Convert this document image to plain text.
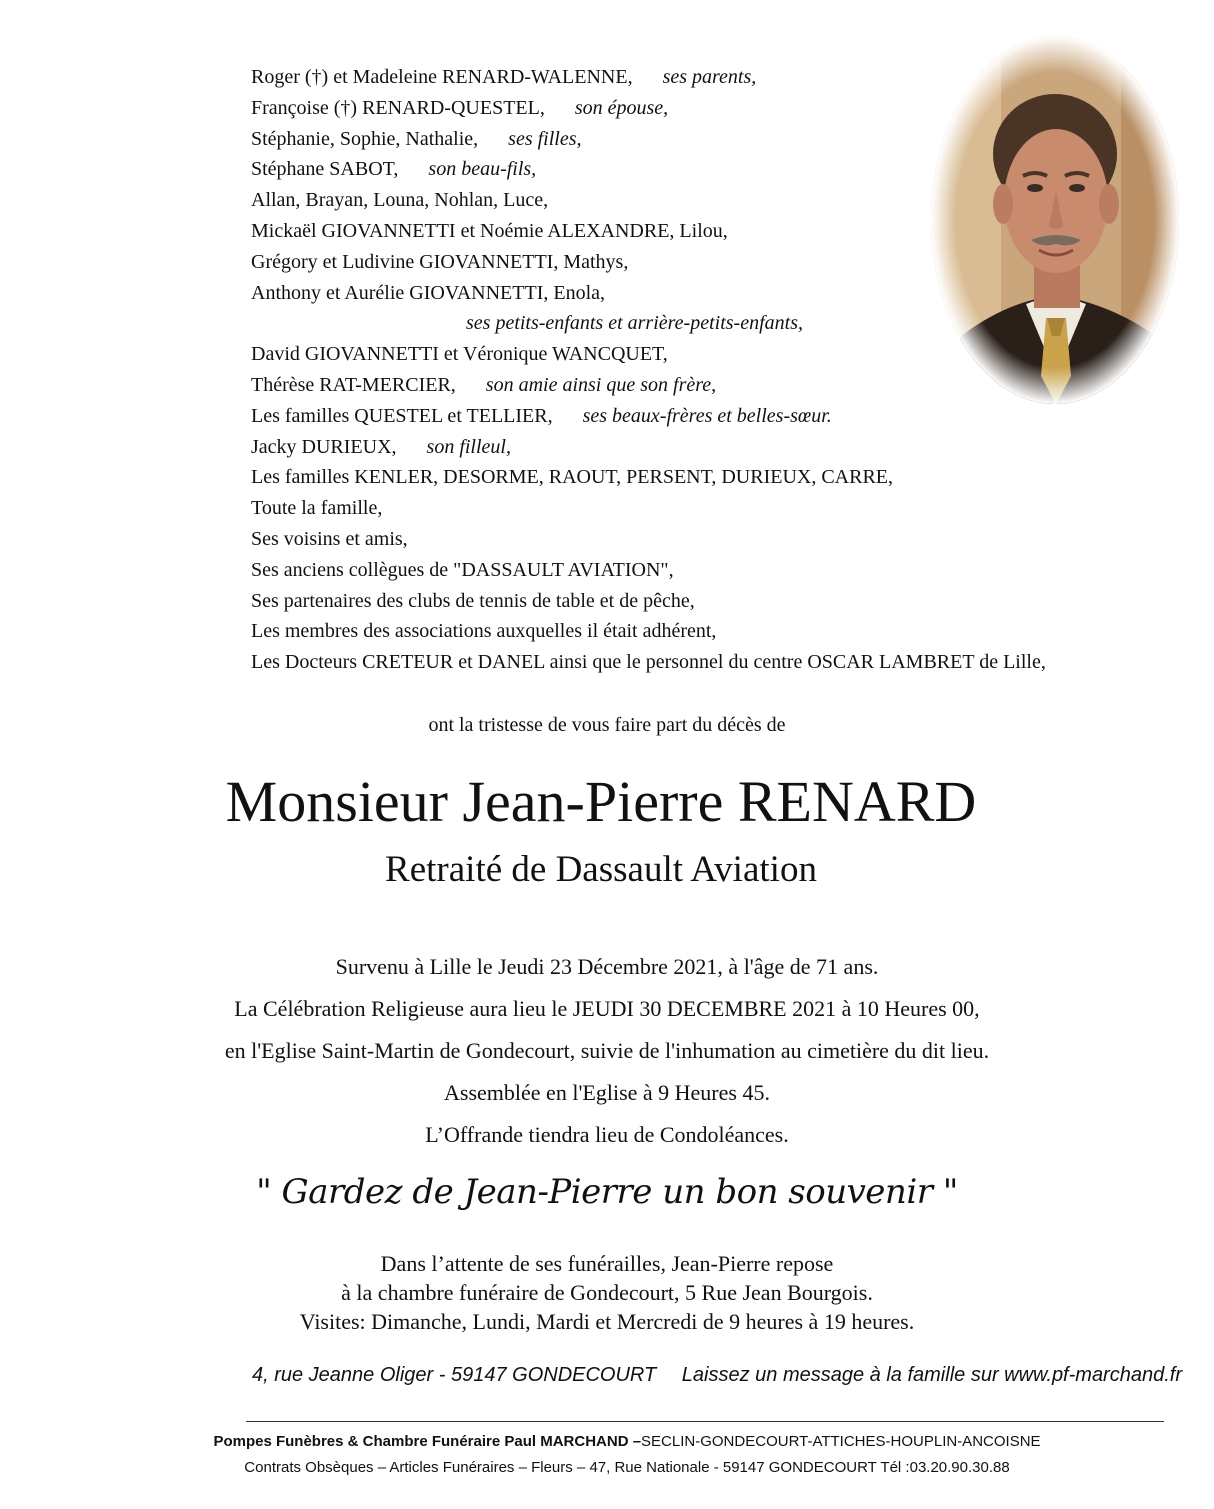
Roger (†) et Madeleine RENARD-WALENNE, ses parents,
Françoise (†) RENARD-QUESTEL, son épouse,
Stéphanie, Sophie, Nathalie, ses filles,
Stéphane SABOT, son beau-fils,
Allan, Brayan, Louna, Nohlan, Luce,
Mickaël GIOVANNETTI et Noémie ALEXANDRE, Lilou,
Grégory et Ludivine GIOVANNETTI, Mathys,
Anthony et Aurélie GIOVANNETTI, Enola,
ses petits-enfants et arrière-petits-enfants,
David GIOVANNETTI et Véronique WANCQUET,
Thérèse RAT-MERCIER, son amie ainsi que son frère,
Les familles QUESTEL et TELLIER, ses beaux-frères et belles-sœur.
Jacky DURIEUX, son filleul,
Les familles KENLER, DESORME, RAOUT, PERSENT, DURIEUX, CARRE,
Toute la famille,
Ses voisins et amis,
Ses anciens collègues de "DASSAULT AVIATION",
Ses partenaires des clubs de tennis de table et de pêche,
Les membres des associations auxquelles il était adhérent,
Les Docteurs CRETEUR et DANEL ainsi que le personnel du centre OSCAR LAMBRET de Lille,
ont la tristesse de vous faire part du décès de
Monsieur Jean-Pierre RENARD
Retraité de Dassault Aviation
Survenu à Lille le Jeudi 23 Décembre 2021, à l'âge de 71 ans.
La Célébration Religieuse aura lieu le JEUDI 30 DECEMBRE 2021 à 10 Heures 00,
en l'Eglise Saint-Martin de Gondecourt, suivie de l'inhumation au cimetière du dit lieu.
Assemblée en l'Eglise à 9 Heures 45.
L’Offrande tiendra lieu de Condoléances.
" Gardez de Jean-Pierre un bon souvenir "
Dans l’attente de ses funérailles, Jean-Pierre repose
à la chambre funéraire de Gondecourt, 5 Rue Jean Bourgois.
Visites: Dimanche, Lundi, Mardi et Mercredi de 9 heures à 19 heures.
4, rue Jeanne Oliger - 59147 GONDECOURT Laissez un message à la famille sur www.pf-marchand.fr
Pompes Funèbres & Chambre Funéraire Paul MARCHAND –SECLIN-GONDECOURT-ATTICHES-HOUPLIN-ANCOISNE
Contrats Obsèques – Articles Funéraires – Fleurs – 47, Rue Nationale - 59147 GONDECOURT Tél :03.20.90.30.88
